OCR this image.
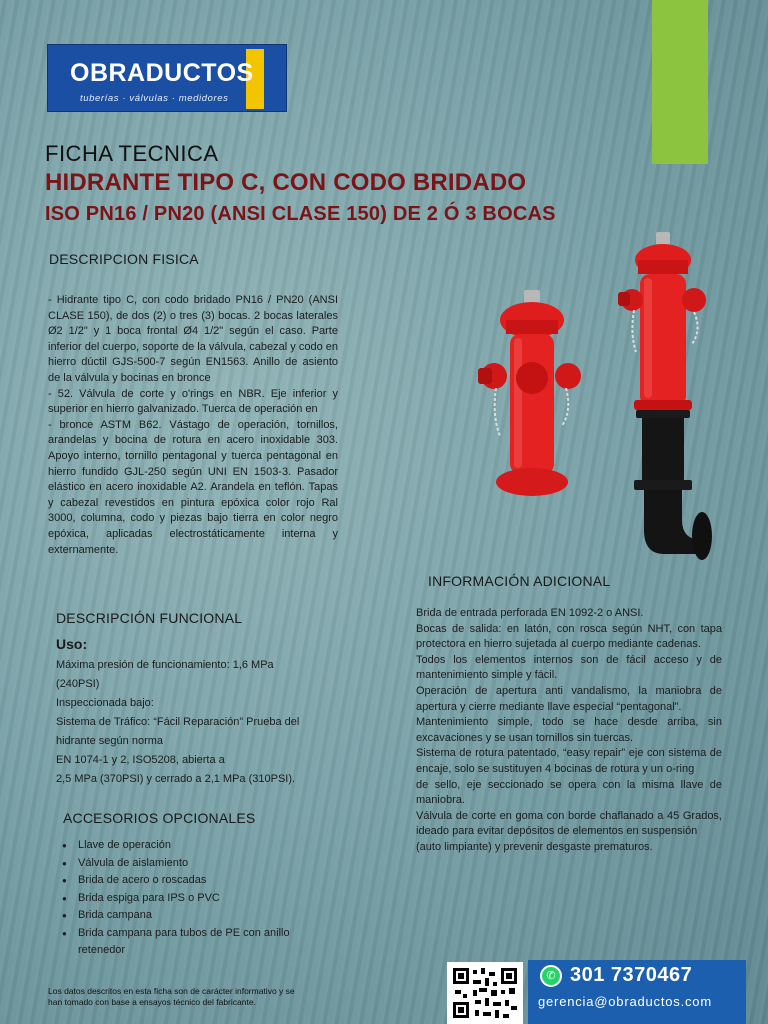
OBRADUCTOS
tuberías · válvulas · medidores
FICHA TECNICA
HIDRANTE TIPO C, CON CODO BRIDADO
ISO PN16 / PN20 (ANSI CLASE 150) DE 2 Ó 3 BOCAS
DESCRIPCION FISICA

- Hidrante tipo C, con codo bridado PN16 / PN20 (ANSI CLASE 150), de dos (2) o tres (3) bocas. 2 bocas laterales Ø2 1/2" y 1 boca frontal Ø4 1/2" según el caso. Parte inferior del cuerpo, soporte de la válvula, cabezal y codo en hierro dúctil GJS-500-7 según EN1563. Anillo de asiento de la válvula y bocinas en bronce

- 52. Válvula de corte y o'rings en NBR. Eje inferior y superior en hierro galvanizado. Tuerca de operación en

- bronce ASTM B62. Vástago de operación, tornillos, arandelas y bocina de rotura en acero inoxidable 303. Apoyo interno, tornillo pentagonal y tuerca pentagonal en hierro fundido GJL-250 según UNI EN 1503-3. Pasador elástico en acero inoxidable A2. Arandela en teflón. Tapas y cabezal revestidos en pintura epóxica color rojo Ral 3000, columna, codo y piezas bajo tierra en color negro epóxica, aplicadas electrostáticamente interna y externamente.

DESCRIPCIÓN FUNCIONAL
Uso:
Máxima presión de funcionamiento: 1,6 MPa (240PSI)
Inspeccionada bajo:
Sistema de Tráfico: “Fácil Reparación” Prueba del hidrante según norma
EN 1074-1 y 2, ISO5208, abierta a
2,5 MPa (370PSI) y cerrado a 2,1 MPa (310PSI).
ACCESORIOS OPCIONALES
● Llave de operación
● Válvula de aislamiento
● Brida de acero o roscadas
● Brida espiga para IPS o PVC
● Brida campana
● Brida campana para tubos de PE con anillo retenedor
INFORMACIÓN ADICIONAL

Brida de entrada perforada EN 1092-2 o ANSI.

Bocas de salida: en latón, con rosca según NHT, con tapa protectora en hierro sujetada al cuerpo mediante cadenas.

Todos los elementos internos son de fácil acceso y de mantenimiento simple y fácil.

Operación de apertura anti vandalismo, la maniobra de apertura y cierre mediante llave especial “pentagonal”.

Mantenimiento simple, todo se hace desde arriba, sin excavaciones y se usan tornillos sin tuercas.

Sistema de rotura patentado, “easy repair” eje con sistema de encaje, solo se sustituyen 4 bocinas de rotura y un o-ring

de sello, eje seccionado se opera con la misma llave de maniobra.

Válvula de corte en goma con borde chaflanado a 45 Grados, ideado para evitar depósitos de elementos en suspensión

(auto limpiante) y prevenir desgaste prematuros.

Los datos descritos en esta ficha son de carácter informativo y se han tomado con base a ensayos técnico del fabricante.
✆ 301 7370467
gerencia@obraductos.com
